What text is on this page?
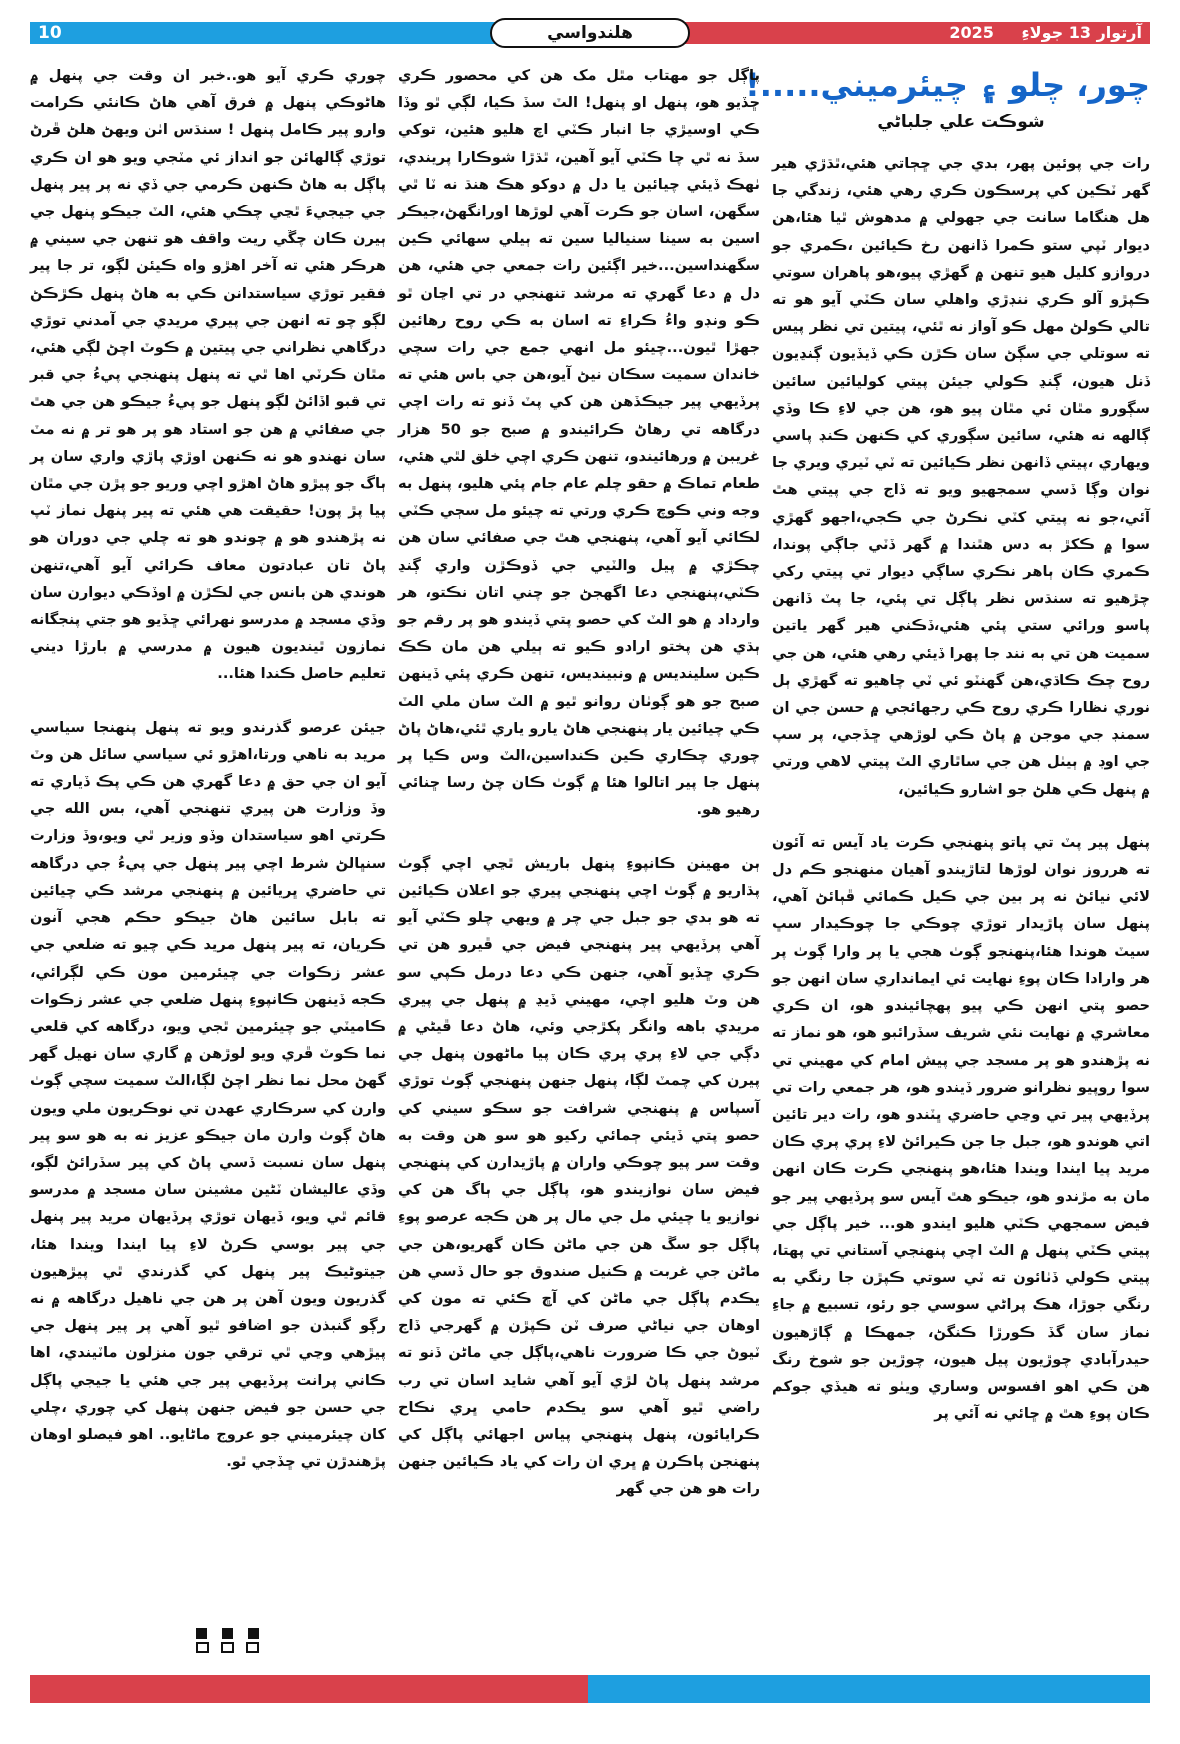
10	آرتوار 13 جولاءِ 2025
هلندواسي
چور، چلو ۽ چيئرميني.....!
شوڪت علي جلباڻي

رات جي پوئين پهر، بدي جي ڇڄاتي هئي،ٿڌڙي هير گهر ٽڪين کي پرسڪون ڪري رهي هئي، زندگي جا هل هنگاما سانت جي جهولي ۾ مدهوش ٿيا هئا،هن ديوار ٽپي ستو ڪمرا ڏانهن رخ ڪيائين ،ڪمري جو دروازو کليل هيو تنهن ۾ گهڙي پيو،هو پاهران سوتي ڪپڙو آلو ڪري ننڊڙي واهلي سان ڪٽي آيو هو ته تالي ڪولڻ مهل ڪو آواز نه ٿئي، پيتين تي نظر پيس ته سوتلي جي سڳڻ سان ڪڙن ڪي ڏيڏيون ڳنڍيون ڏنل هيون، ڳنڍ ڪولي جيئن پيتي کوليائين سائين سڳورو مٿان ئي مٿان پيو هو، هن جي لاءِ ڪا وڏي ڳالهه نه هئي، سائين سڳوري کي ڪنهن ڪنڊ پاسي ويهاري ،پيتي ڏانهن نظر ڪيائين ته ٽي ٽيري ويري جا نوان وڳا ڏسي سمجهيو ويو ته ڏاج جي پيتي هٿ آئي،جو نه پيتي کٽي نڪرڻ جي ڪجي،اجهو گهڙي سوا ۾ ڪکڙ به دس هٿندا ۾ گهر ڏٽي جاڳي پوندا، ڪمري ڪان ٻاهر نڪري ساڳي ديوار تي پيتي رکي چڙهيو ته سنڌس نظر پاڳل تي پئي، جا پٽ ڏانهن پاسو ورائي ستي پئي هئي،ڏڪني هير گهر ياتين سميت هن تي به نند جا پهرا ڏيئي رهي هئي، هن جي روح چڪ ڪاڌي،هن گهنٽو ئي ٽي چاهيو ته گهڙي ٻل نوري نظارا ڪري روح ڪي رجهائجي ۾ حسن جي ان سمنڊ جي موجن ۾ پاڻ ڪي لوڙهي ڇڏجي، پر سپ جي اوڊ ۾ ٻيٺل هن جي ساٿاري الٽ پيتي لاهي ورتي ۾ پنهل ڪي هلڻ جو اشارو ڪيائين،

پنهل پير پٽ تي پاتو پنهنجي ڪرت ياد آيس ته آئون ته هرروز نوان لوڙها لتاڙيندو آهيان منهنجو ڪم دل لائي نيائڻ نه پر بين جي ڪيل ڪمائي ڦٻائڻ آهي، پنهل سان پاڙيدار توڙي چوڪي جا چوڪيدار سڀ سيٽ هوندا هئا،پنهنجو ڳوٺ هجي يا پر وارا ڳوٺ پر هر وارادا ڪان پوءِ نهايت ئي ايمانداري سان انهن جو حصو پتي انهن ڪي پيو پهچائيندو هو، ان ڪري معاشري ۾ نهايت نئي شريف سڏرائبو هو، هو نماز ته نه پڙهندو هو پر مسجد جي پيش امام کي مهيني تي سوا روپيو نظرانو ضرور ڏيندو هو، هر جمعي رات تي پرڏيهي پير تي وڃي حاضري ڀٽندو هو، رات دير تائين اتي هوندو هو، جبل جا جن ڪيرائڻ لاءِ پري پري ڪان مريد پيا ايندا ويندا هئا،هو پنهنجي ڪرت ڪان انهن مان به مڙندو هو، جيڪو هٿ آيس سو پرڏيهي پير جو فيض سمجهي ڪٽي هليو ايندو هو... خير پاڳل جي پيتي ڪٽي پنهل ۾ الٽ اچي پنهنجي آستاني تي پهتا، پيتي ڪولي ڏٺائون ته ٽي سوتي ڪپڙن جا رنگي به رنگي جوڙا، هڪ پراڻي سوسي جو رئو، تسبيع ۾ جاءِ نماز سان گڏ ڪورڙا ڪنگڻ، جمهڪا ۾ ڳاڙهيون حيدرآبادي چوڙيون پيل هيون، چوڙين جو شوخ رنگ هن ڪي اهو افسوس وساري ويٺو ته هيڏي جوکم ڪان پوءِ هٿ ۾ ڇائي نه آئي پر

پاڳل جو مهتاب مٿل مک هن کي محصور ڪري ڇڏيو هو، پنهل او پنهل! الٽ سڏ ڪيا، لڳي ٿو وڏا ڪي اوسيڙي جا انبار ڪٽي اچ هليو هئين، توکي سڏ نه ٿي چا ڪٽي آيو آهين، ٿڌڙا شوڪارا پريندي، ٺهڪ ڏيئي چيائين يا دل ۾ دوکو هڪ هنڌ نه ٽا ٿي سگهن، اسان جو ڪرت آهي لوڙها اورانگهڻ،جيڪر اسين به سينا سنياليا سين ته ٻيلي سهائي ڪين سگهنداسين...خير اڳئين رات جمعي جي هئي، هن دل ۾ دعا گهري ته مرشد تنهنجي در تي اڃان ٿو ڪو ونڊو واءُ ڪراءِ ته اسان به ڪي روح رهائين جهڙا ٿيون...چيئو مل انهي جمع جي رات سچي خاندان سميت سڪان نيڻ آيو،هن جي باس هئي ته پرڏيهي پير جيڪڏهن هن کي پٽ ڏنو ته رات اچي درگاهه تي رهاڻ ڪرائيندو ۾ صبح جو 50 هزار غريبن ۾ ورهائيندو، تنهن ڪري اچي خلق لٿي هئي، طعام تماڪ ۾ حقو چلم عام جام پئي هليو، پنهل به وجه وني ڪوچ ڪري ورتي ته چيئو مل سڄي ڪٽي لڪائي آيو آهي، پنهنجي هٿ جي صفائي سان هن چڪڙي ۾ پيل والٽيي جي ڏوڪڙن واري ڳنڍ ڪٽي،پنهنجي دعا اگهجڻ جو چني اتان نڪتو، هر وارداد ۾ هو الٽ کي حصو پتي ڏيندو هو پر رقم جو ٻڌي هن پختو ارادو ڪيو ته ٻيلي هن مان ڪڪ ڪين سلينديس ۾ ونبينديس، تنهن ڪري پئي ڏينهن صبح جو هو ڳوٺان روانو ٿيو ۾ الٽ سان ملي الٽ ڪي چيائين يار پنهنجي هاڻ يارو ياري ٿئي،هاڻ پاڻ چوري چڪاري ڪين ڪنداسين،الٽ وس ڪيا پر پنهل جا پير اتالوا هئا ۾ ڳوٺ ڪان چڻ رسا ڇنائي رهيو هو.

ٻن مهينن ڪانپوءِ پنهل باريش ٿڃي اچي ڳوٺ پڌاريو ۾ ڳوٺ اچي پنهنجي پيري جو اعلان ڪيائين ته هو بدي جو جبل جي چر ۾ ويهي چلو ڪٽي آيو آهي پرڏيهي پير پنهنجي فيض جي ڦيرو هن تي ڪري ڇڏيو آهي، جنهن ڪي دعا درمل ڪپي سو هن وٽ هليو اچي، مهيني ڏيڍ ۾ پنهل جي پيري مريدي باهه وانگر پکڙجي وئي، هاڻ دعا ڦيڻي ۾ دڳي جي لاءِ پري پري ڪان پيا ماڻهون پنهل جي پيرن کي چمٽ لڳا، پنهل جنهن پنهنجي ڳوٺ توڙي آسپاس ۾ پنهنجي شرافت جو سڪو سيني کي حصو پتي ڏيئي ڄمائي رکيو هو سو هن وقت به وقت سر پيو چوڪي واران ۾ پاڙيدارن کي پنهنجي فيض سان نوازيندو هو، پاڳل جي ٻاگ هن کي نوازيو يا چيئي مل جي مال پر هن ڪجه عرصو پوءِ پاڳل جو سڱ هن جي ماڻن ڪان گهريو،هن جي ماڻن جي غربت ۾ ڪنيل صندوق جو حال ڏسي هن يڪدم پاڳل جي ماڻن کي آڇ ڪئي ته مون کي اوهان جي نياڻي صرف ٽن ڪپڙن ۾ گهرجي ڏاج ٽيوڻ جي ڪا ضرورت ناهي،پاڳل جي ماڻن ڏنو ته مرشد پنهل پاڻ لڙي آيو آهي شايد اسان تي رب راضي ٿيو آهي سو يڪدم حامي ڀري نڪاح ڪرايائون، پنهل پنهنجي پياس اجهائي پاڳل کي پنهنجن پاڪرن ۾ ڀري ان رات کي ياد ڪيائين جنهن رات هو هن جي گهر

چوري ڪري آيو هو..خبر ان وقت جي پنهل ۾ هاڻوڪي پنهل ۾ فرق آهي هاڻ ڪانئي ڪرامت وارو پير ڪامل پنهل ! سنڌس اٺن ويهڻ هلڻ ڦرڻ توڙي ڳالهائن جو انداز ئي مٽجي ويو هو ان ڪري پاڳل به هاڻ ڪنهن ڪرمي جي ڏي نه پر پير پنهل جي جيجيءَ ٿڃي چڪي هئي، الٽ جيڪو پنهل جي ٻيرن ڪان چڱي ريت واقف هو تنهن جي سيني ۾ هرڪر هئي ته آخر اهڙو واه ڪيئن لڳو، تر جا پير فقير توڙي سياستدانن ڪي به هاڻ پنهل ڪڙڪڻ لڳو چو ته انهن جي پيري مريدي جي آمدني توڙي درگاهي نظراني جي پيتين ۾ ڪوٽ اچڻ لڳي هئي، مٿان ڪرٽي اها ٿي ته پنهل پنهنجي پيءُ جي قبر تي قبو اڏائڻ لڳو پنهل جو پيءُ جيڪو هن جي هٿ جي صفائي ۾ هن جو استاد هو پر هو تر ۾ نه مٽ سان نهندو هو نه ڪنهن اوڙي پاڙي واري سان پر ٻاگ جو پيڙو هاڻ اهڙو اچي وريو جو پڙن جي مٿان پيا پڙ پون! حقيقت هي هئي ته پير پنهل نماز ٽپ نه پڙهندو هو ۾ چوندو هو ته چلي جي دوران هو پاڻ تان عبادتون معاف ڪرائي آيو آهي،تنهن هوندي هن بانس جي لڪڙن ۾ اوڏڪي ديوارن سان وڏي مسجد ۾ مدرسو نهرائي ڇڏيو هو جتي پنجگانه نمازون ٿينديون هيون ۾ مدرسي ۾ بارڙا ديني تعليم حاصل ڪندا هئا...

جيئن عرصو گذرندو ويو ته پنهل پنهنجا سياسي مريد به ناهي ورتا،اهڙو ئي سياسي سائل هن وٽ آيو ان جي حق ۾ دعا گهري هن ڪي پڪ ڏياري ته وڏ وزارت هن پيري تنهنجي آهي، بس الله جي ڪرتي اهو سياستدان وڏو وزير ٿي ويو،وڏ وزارت سنڀالڻ شرط اچي پير پنهل جي پيءُ جي درگاهه تي حاضري ڀريائين ۾ پنهنجي مرشد ڪي چيائين ته بابل سائين هاڻ جيڪو حڪم هجي آنون ڪريان، ته پير پنهل مريد ڪي چيو ته ضلعي جي عشر زڪوات جي چيئرمين مون ڪي لڳرائي، ڪجه ڏينهن ڪانپوءِ پنهل ضلعي جي عشر زڪوات ڪاميٽي جو چيئرمين ٿجي ويو، درگاهه کي قلعي نما ڪوٽ ڦري ويو لوڙهن ۾ گاري سان نهيل گهر گهڻ محل نما نظر اچڻ لڳا،الٽ سميت سچي ڳوٺ وارن کي سرڪاري عهدن تي نوڪريون ملي ويون هاڻ ڳوٺ وارن مان جيڪو عزيز نه به هو سو پير پنهل سان نسبت ڏسي پاڻ کي پير سڏرائڻ لڳو، وڏي عاليشان ٽڻين مشينن سان مسجد ۾ مدرسو قائم ٿي ويو، ڏيهان توڙي پرڏيهان مريد پير پنهل جي پير بوسي ڪرڻ لاءِ پيا ايندا ويندا هئا، جيتوڻيڪ پير پنهل کي گذرندي ٿي پيڙهيون گذريون ويون آهن پر هن جي ناهيل درگاهه ۾ نه رڳو گنبذن جو اضافو ٿيو آهي پر پير پنهل جي پيڙهي وڃي ٿي ترقي جون منزلون ماٽيندي، اها ڪاني پرانت پرڏيهي پير جي هئي يا جيجي پاڳل جي حسن جو فيض جنهن پنهل کي چوري ،چلي کان چيئرميني جو عروج ماڻايو.. اهو فيصلو اوهان پڙهندڙن تي ڇڏجي ٿو.
